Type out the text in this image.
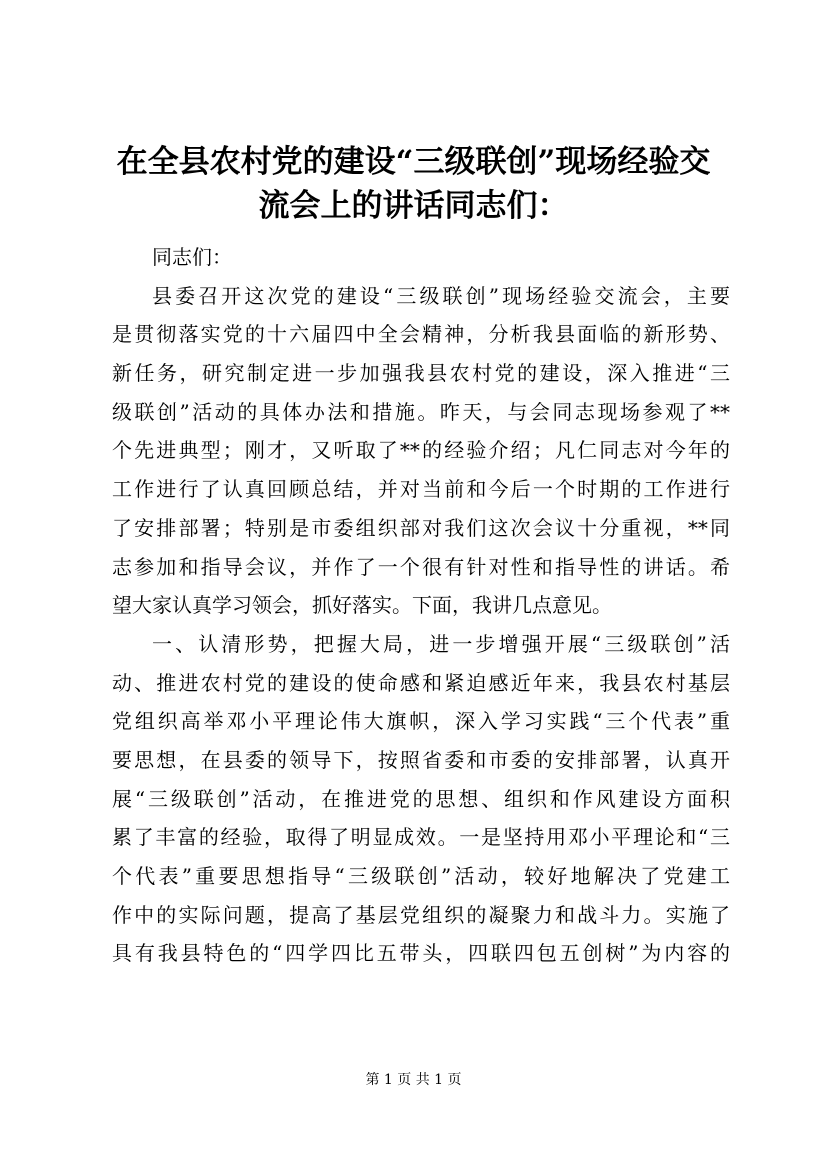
在全县农村党的建设“三级联创”现场经验交
流会上的讲话同志们：
同志们：
县委召开这次党的建设“三级联创”现场经验交流会，主要
是贯彻落实党的十六届四中全会精神，分析我县面临的新形势、
新任务，研究制定进一步加强我县农村党的建设，深入推进“三
级联创”活动的具体办法和措施。昨天，与会同志现场参观了**
个先进典型；刚才，又听取了**的经验介绍；凡仁同志对今年的
工作进行了认真回顾总结，并对当前和今后一个时期的工作进行
了安排部署；特别是市委组织部对我们这次会议十分重视，**同
志参加和指导会议，并作了一个很有针对性和指导性的讲话。希
望大家认真学习领会，抓好落实。下面，我讲几点意见。
一、认清形势，把握大局，进一步增强开展“三级联创”活
动、推进农村党的建设的使命感和紧迫感近年来，我县农村基层
党组织高举邓小平理论伟大旗帜，深入学习实践“三个代表”重
要思想，在县委的领导下，按照省委和市委的安排部署，认真开
展“三级联创”活动，在推进党的思想、组织和作风建设方面积
累了丰富的经验，取得了明显成效。一是坚持用邓小平理论和“三
个代表”重要思想指导“三级联创”活动，较好地解决了党建工
作中的实际问题，提高了基层党组织的凝聚力和战斗力。实施了
具有我县特色的“四学四比五带头，四联四包五创树”为内容的
第 1 页 共 1 页
